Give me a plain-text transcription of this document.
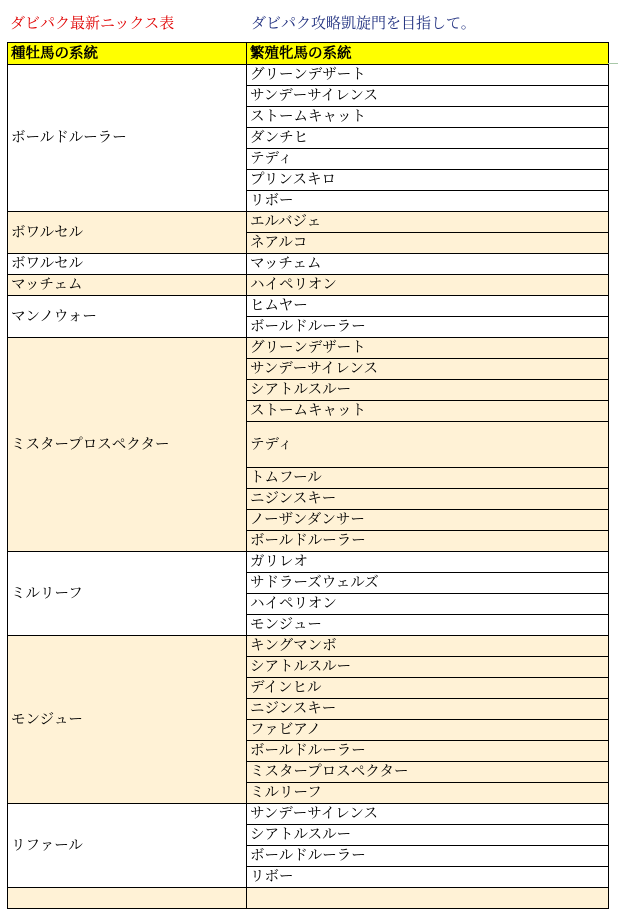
ダビパク最新ニックス表	ダビパク攻略凱旋門を目指して。
種牡馬の系統	繁殖牝馬の系統
ボールドルーラー	グリーンデザート
	サンデーサイレンス
	ストームキャット
	ダンチヒ
	テディ
	プリンスキロ
	リボー
ボワルセル	エルバジェ
	ネアルコ
ボワルセル	マッチェム
マッチェム	ハイペリオン
マンノウォー	ヒムヤー
	ボールドルーラー
ミスタープロスペクター	グリーンデザート
	サンデーサイレンス
	シアトルスルー
	ストームキャット
	テディ
	トムフール
	ニジンスキー
	ノーザンダンサー
	ボールドルーラー
ミルリーフ	ガリレオ
	サドラーズウェルズ
	ハイペリオン
	モンジュー
モンジュー	キングマンボ
	シアトルスルー
	デインヒル
	ニジンスキー
	ファビアノ
	ボールドルーラー
	ミスタープロスペクター
	ミルリーフ
リファール	サンデーサイレンス
	シアトルスルー
	ボールドルーラー
	リボー
